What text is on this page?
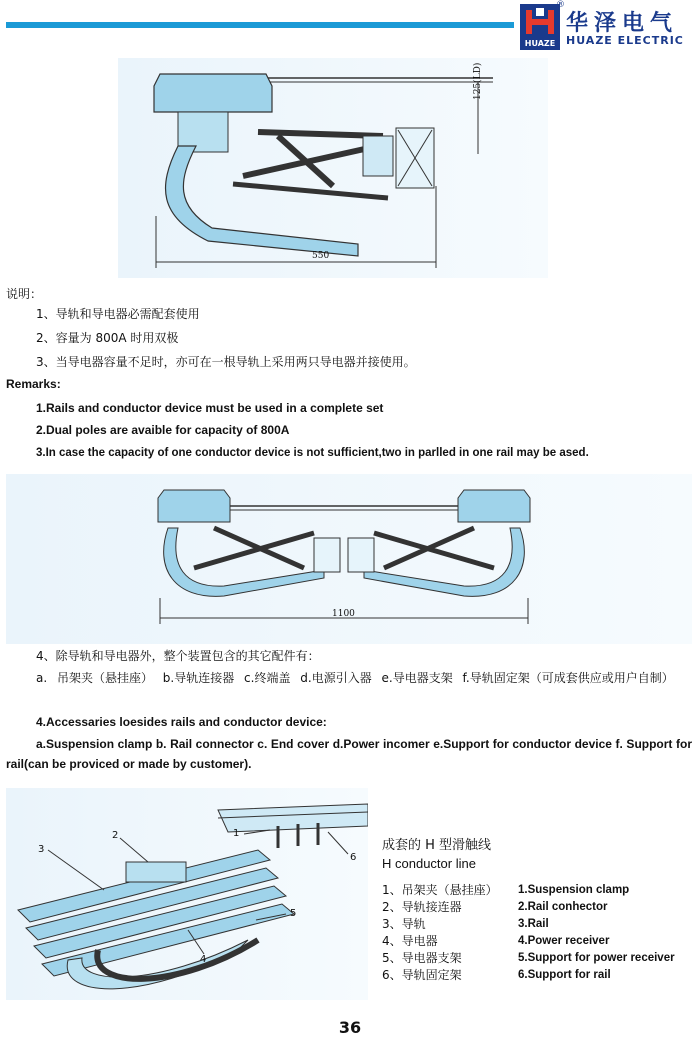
HUAZE
®
华泽电气
HUAZE ELECTRIC
125(LD)
550
说明：
1、导轨和导电器必需配套使用
2、容量为 800A 时用双极
3、当导电器容量不足时，亦可在一根导轨上采用两只导电器并接使用。
Remarks:
1.Rails and conductor device must be used in a complete set
2.Dual poles are avaible for capacity of 800A
3.In case the capacity of one conductor device is not sufficient,two in parlled in one rail may be ased.
1100
4、除导轨和导电器外，整个装置包含的其它配件有：
a. 吊架夹（悬挂座） b.导轨连接器 c.终端盖 d.电源引入器 e.导电器支架 f.导轨固定架（可成套供应或用户自制）
4.Accessaries loesides rails and conductor device:
a.Suspension clamp b. Rail connector c. End cover d.Power incomer e.Support for conductor device f. Support for rail(can be proviced or made by customer).
1
2
3
4
5
6
成套的 H 型滑触线
H conductor line
1、吊架夹（悬挂座）
2、导轨接连器
3、导轨
4、导电器
5、导电器支架
6、导轨固定架
1.Suspension clamp
2.Rail conhector
3.Rail
4.Power receiver
5.Support for power receiver
6.Support for rail
36
